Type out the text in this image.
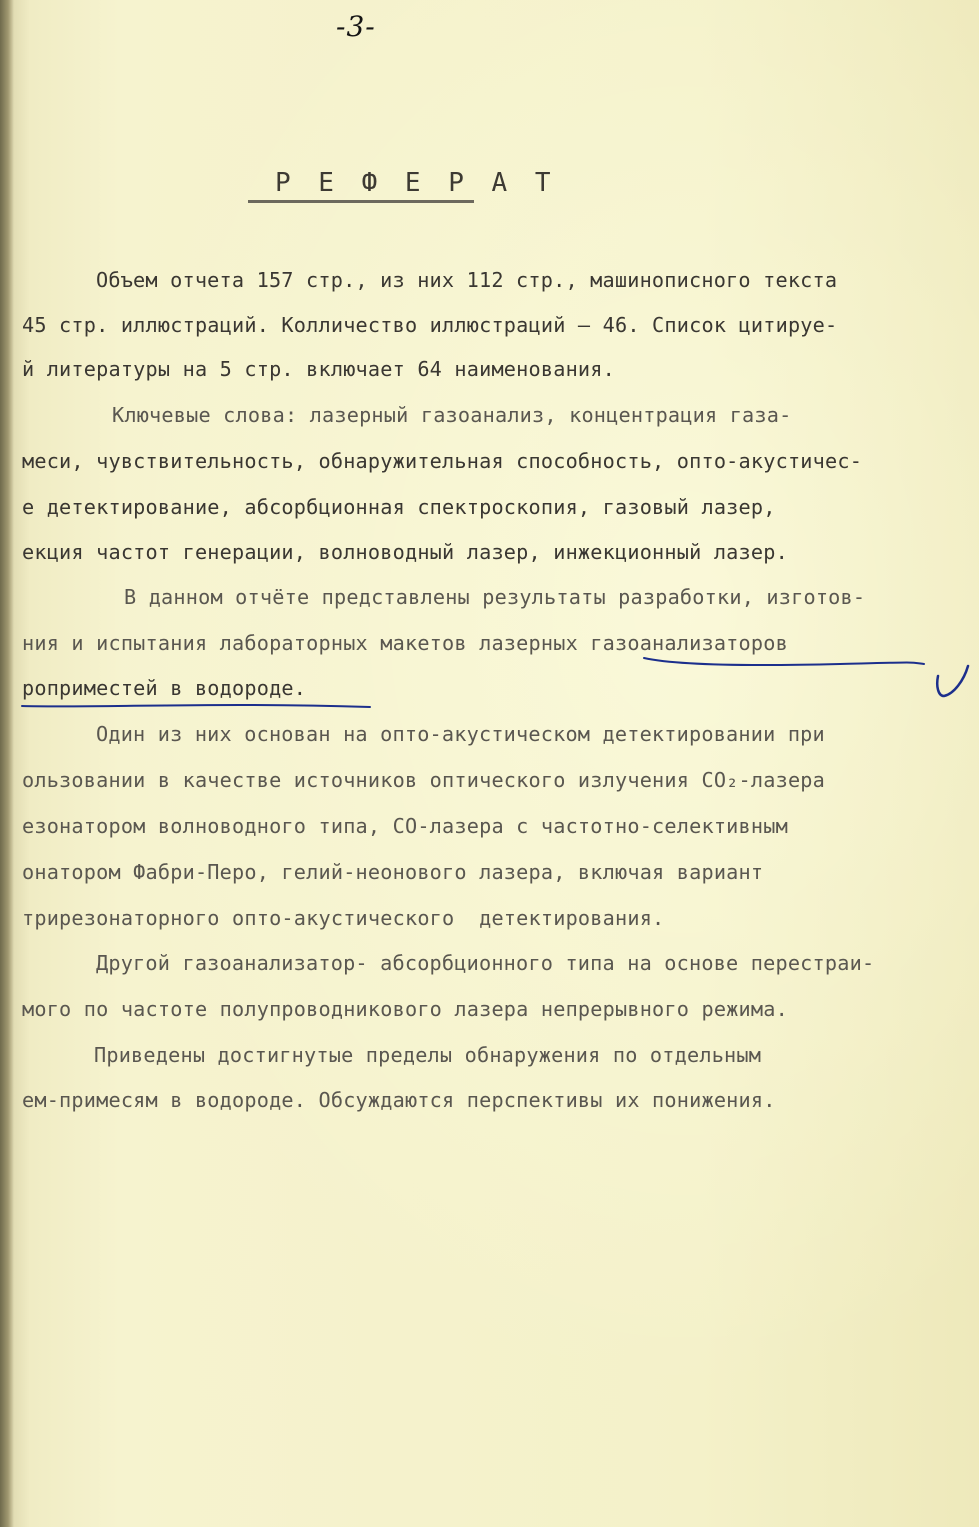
-3-
Р Е Ф Е Р А Т
Объем отчета 157 стр., из них 112 стр., машинописного текста
45 стр. иллюстраций. Колличество иллюстраций – 46. Список цитируе-
й литературы на 5 стр. включает 64 наименования.
Ключевые слова: лазерный газоанализ, концентрация газа-
меси, чувствительность, обнаружительная способность, опто-акустичес-
е детектирование, абсорбционная спектроскопия, газовый лазер,
екция частот генерации, волноводный лазер, инжекционный лазер.
В данном отчёте представлены результаты разработки, изготов-
ния и испытания лабораторных макетов лазерных газоанализаторов
роприместей в водороде.
Один из них основан на опто-акустическом детектировании при
ользовании в качестве источников оптического излучения CO₂-лазера
езонатором волноводного типа, СО-лазера с частотно-селективным
онатором Фабри-Перо, гелий-неонового лазера, включая вариант
трирезонаторного опто-акустического  детектирования.
Другой газоанализатор- абсорбционного типа на основе перестраи-
мого по частоте полупроводникового лазера непрерывного режима.
Приведены достигнутые пределы обнаружения по отдельным
ем-примесям в водороде. Обсуждаются перспективы их понижения.
